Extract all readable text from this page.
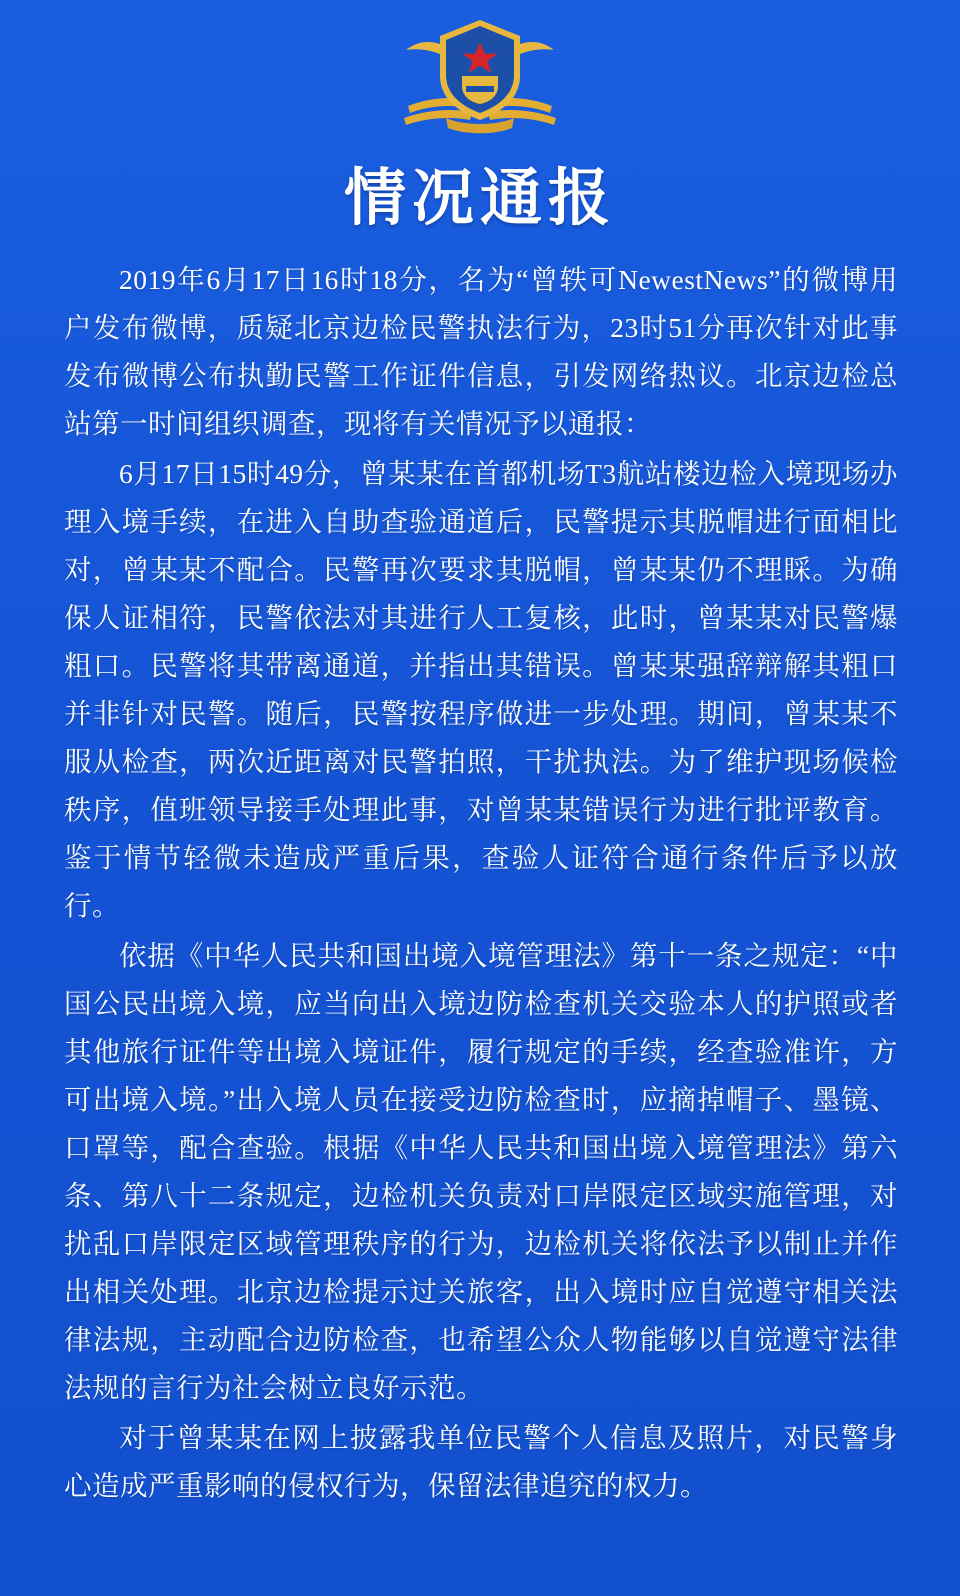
情况通报

2019年6月17日16时18分，名为“曾轶可NewestNews”的微博用户发布微博，质疑北京边检民警执法行为，23时51分再次针对此事发布微博公布执勤民警工作证件信息，引发网络热议。北京边检总站第一时间组织调查，现将有关情况予以通报：

6月17日15时49分，曾某某在首都机场T3航站楼边检入境现场办理入境手续，在进入自助查验通道后，民警提示其脱帽进行面相比对，曾某某不配合。民警再次要求其脱帽，曾某某仍不理睬。为确保人证相符，民警依法对其进行人工复核，此时，曾某某对民警爆粗口。民警将其带离通道，并指出其错误。曾某某强辞辩解其粗口并非针对民警。随后，民警按程序做进一步处理。期间，曾某某不服从检查，两次近距离对民警拍照，干扰执法。为了维护现场候检秩序，值班领导接手处理此事，对曾某某错误行为进行批评教育。鉴于情节轻微未造成严重后果，查验人证符合通行条件后予以放行。

依据《中华人民共和国出境入境管理法》第十一条之规定：“中国公民出境入境，应当向出入境边防检查机关交验本人的护照或者其他旅行证件等出境入境证件，履行规定的手续，经查验准许，方可出境入境。”出入境人员在接受边防检查时，应摘掉帽子、墨镜、口罩等，配合查验。根据《中华人民共和国出境入境管理法》第六条、第八十二条规定，边检机关负责对口岸限定区域实施管理，对扰乱口岸限定区域管理秩序的行为，边检机关将依法予以制止并作出相关处理。北京边检提示过关旅客，出入境时应自觉遵守相关法律法规，主动配合边防检查，也希望公众人物能够以自觉遵守法律法规的言行为社会树立良好示范。

对于曾某某在网上披露我单位民警个人信息及照片，对民警身心造成严重影响的侵权行为，保留法律追究的权力。
